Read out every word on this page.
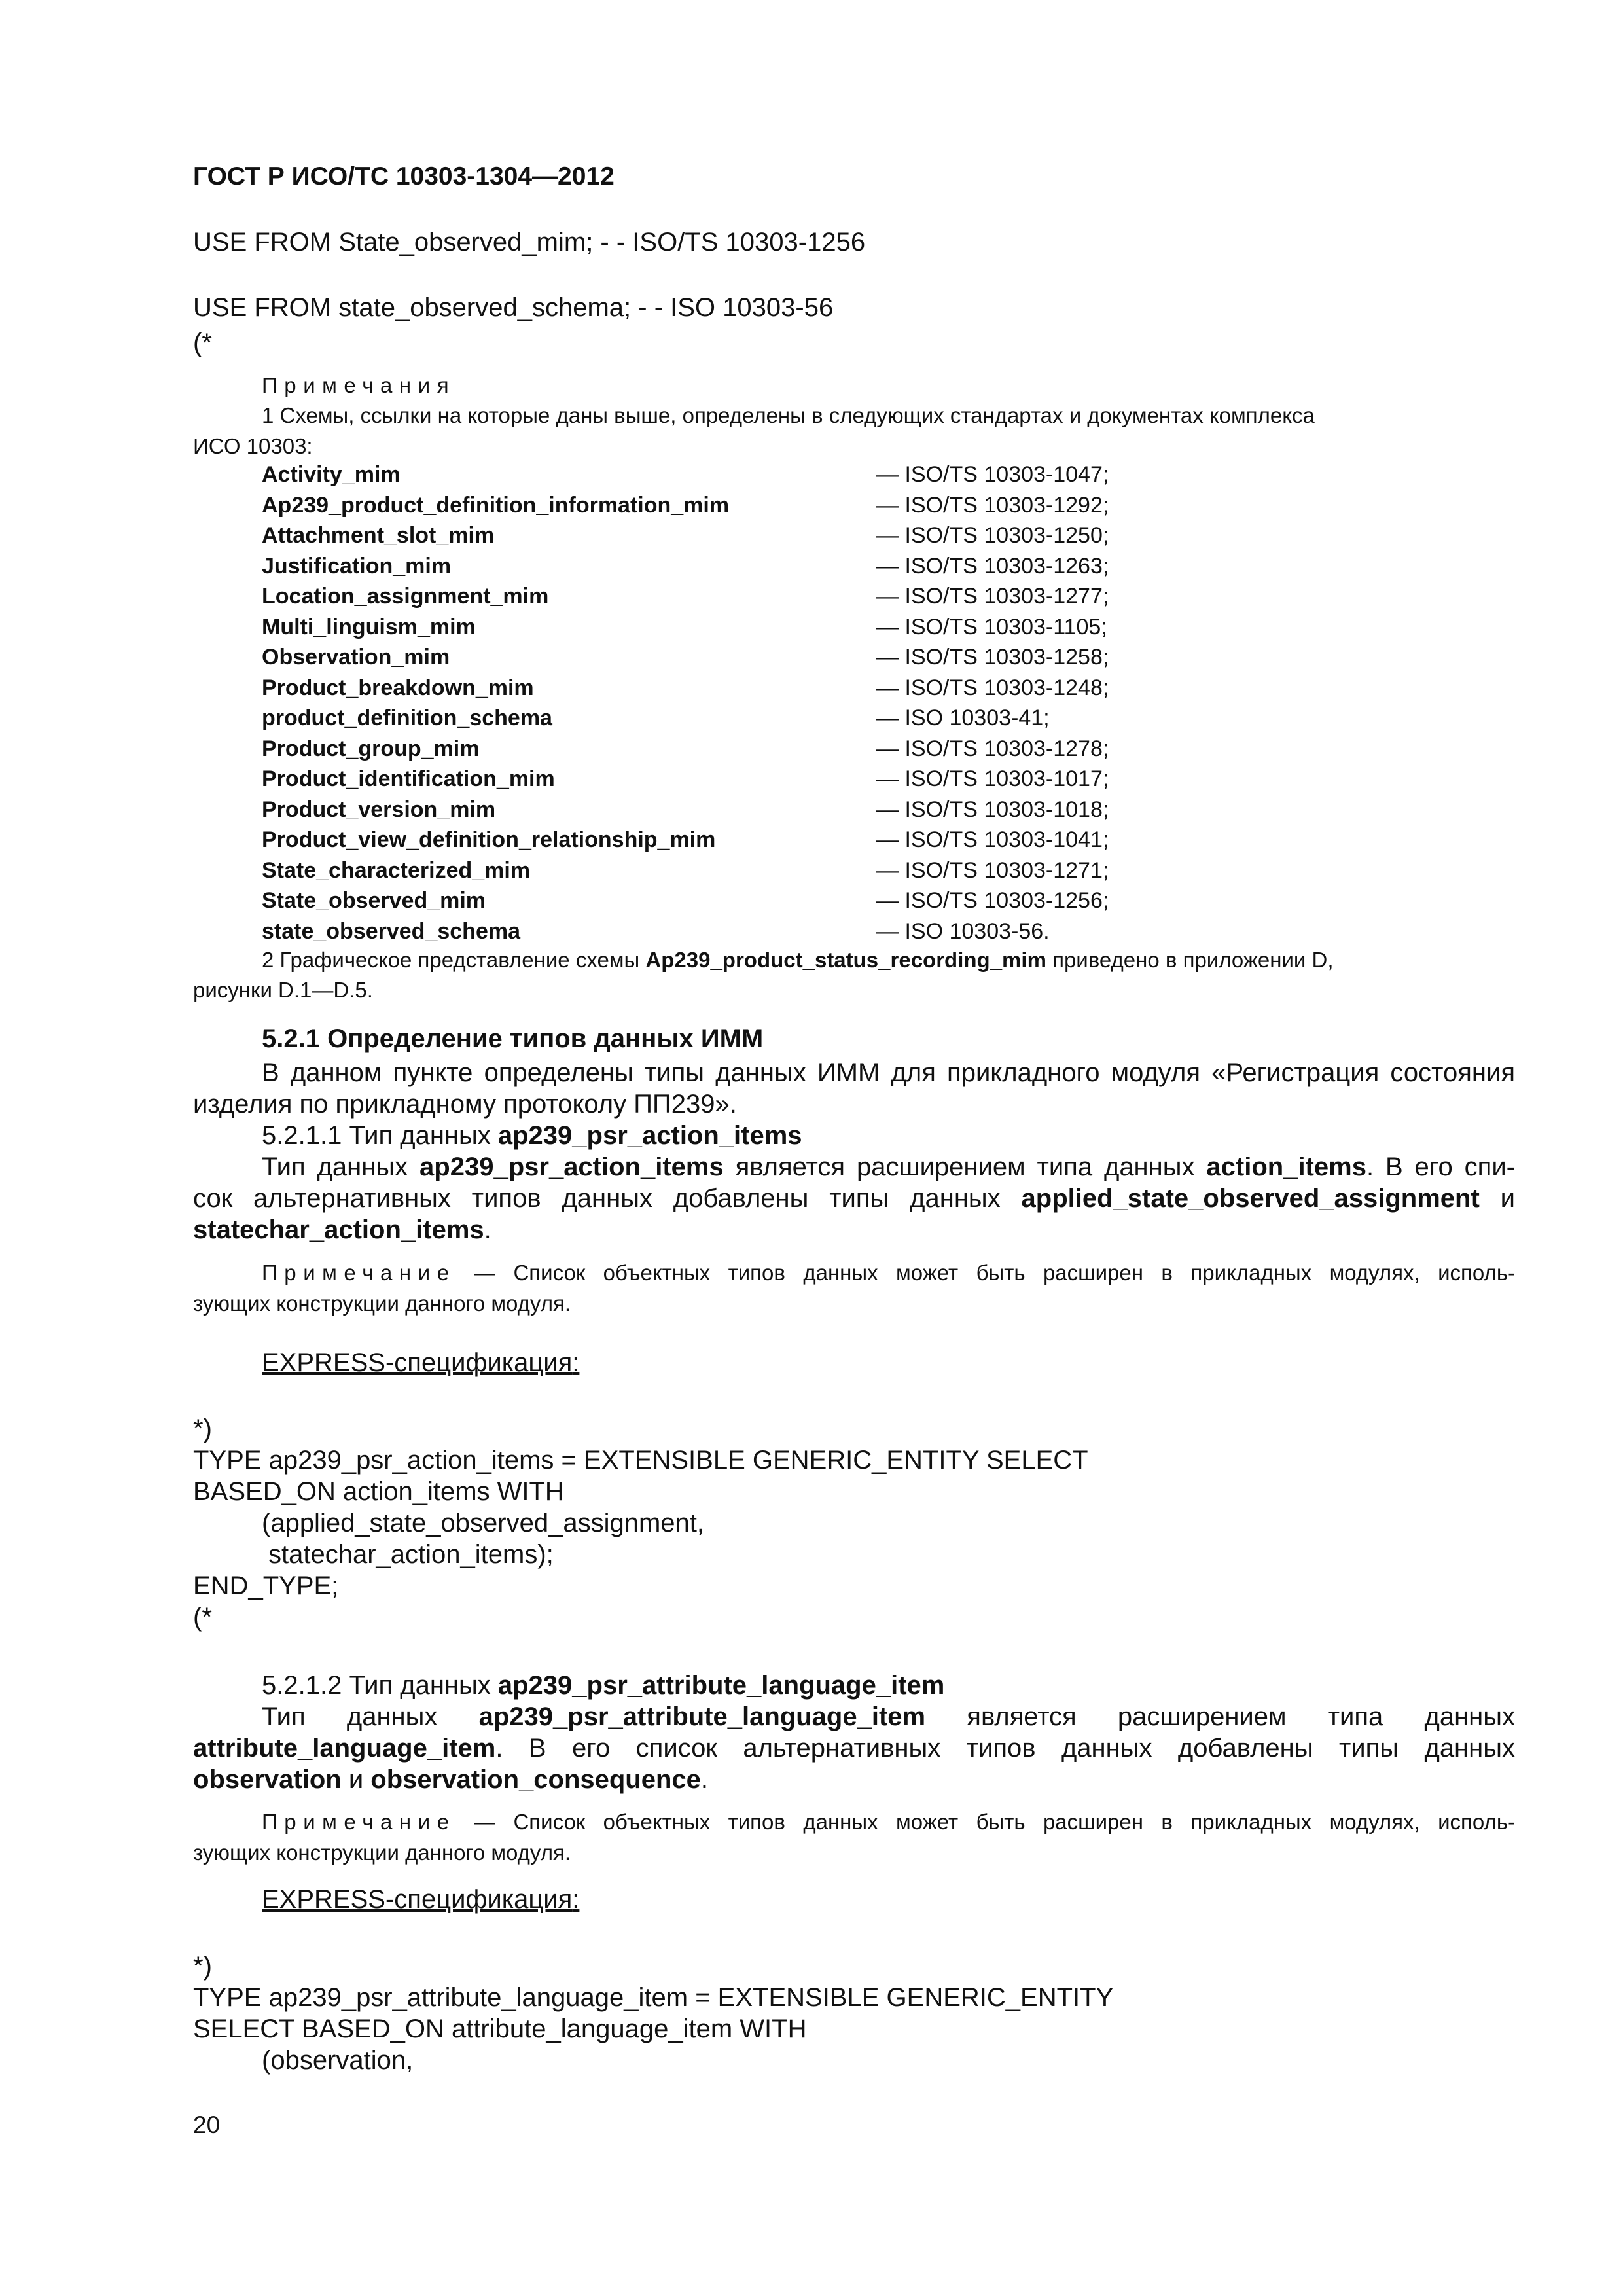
ГОСТ Р ИСО/ТС 10303-1304—2012
USE FROM State_observed_mim; - - ISO/TS 10303-1256
USE FROM state_observed_schema; - - ISO 10303-56
(*
Примечания
1 Схемы, ссылки на которые даны выше, определены в следующих стандартах и документах комплекса
ИСО 10303:
Activity_mim	— ISO/TS 10303-1047;
Ap239_product_definition_information_mim	— ISO/TS 10303-1292;
Attachment_slot_mim	— ISO/TS 10303-1250;
Justification_mim	— ISO/TS 10303-1263;
Location_assignment_mim	— ISO/TS 10303-1277;
Multi_linguism_mim	— ISO/TS 10303-1105;
Observation_mim	— ISO/TS 10303-1258;
Product_breakdown_mim	— ISO/TS 10303-1248;
product_definition_schema	— ISO 10303-41;
Product_group_mim	— ISO/TS 10303-1278;
Product_identification_mim	— ISO/TS 10303-1017;
Product_version_mim	— ISO/TS 10303-1018;
Product_view_definition_relationship_mim	— ISO/TS 10303-1041;
State_characterized_mim	— ISO/TS 10303-1271;
State_observed_mim	— ISO/TS 10303-1256;
state_observed_schema	— ISO 10303-56.
2 Графическое представление схемы Ap239_product_status_recording_mim приведено в приложении D,
рисунки D.1—D.5.
5.2.1 Определение типов данных ИММ
В данном пункте определены типы данных ИММ для прикладного модуля «Регистрация состояния
изделия по прикладному протоколу ПП239».
5.2.1.1 Тип данных ap239_psr_action_items
Тип данных ap239_psr_action_items является расширением типа данных action_items. В его спи-
сок альтернативных типов данных добавлены типы данных applied_state_observed_assignment и
statechar_action_items.
Примечание — Список объектных типов данных может быть расширен в прикладных модулях, исполь-
зующих конструкции данного модуля.
EXPRESS-спецификация:
*)
TYPE ap239_psr_action_items = EXTENSIBLE GENERIC_ENTITY SELECT
BASED_ON action_items WITH
(applied_state_observed_assignment,
statechar_action_items);
END_TYPE;
(*
5.2.1.2 Тип данных ap239_psr_attribute_language_item
Тип данных ap239_psr_attribute_language_item является расширением типа данных
attribute_language_item. В его список альтернативных типов данных добавлены типы данных
observation и observation_consequence.
Примечание — Список объектных типов данных может быть расширен в прикладных модулях, исполь-
зующих конструкции данного модуля.
EXPRESS-спецификация:
*)
TYPE ap239_psr_attribute_language_item = EXTENSIBLE GENERIC_ENTITY
SELECT BASED_ON attribute_language_item WITH
(observation,
20
